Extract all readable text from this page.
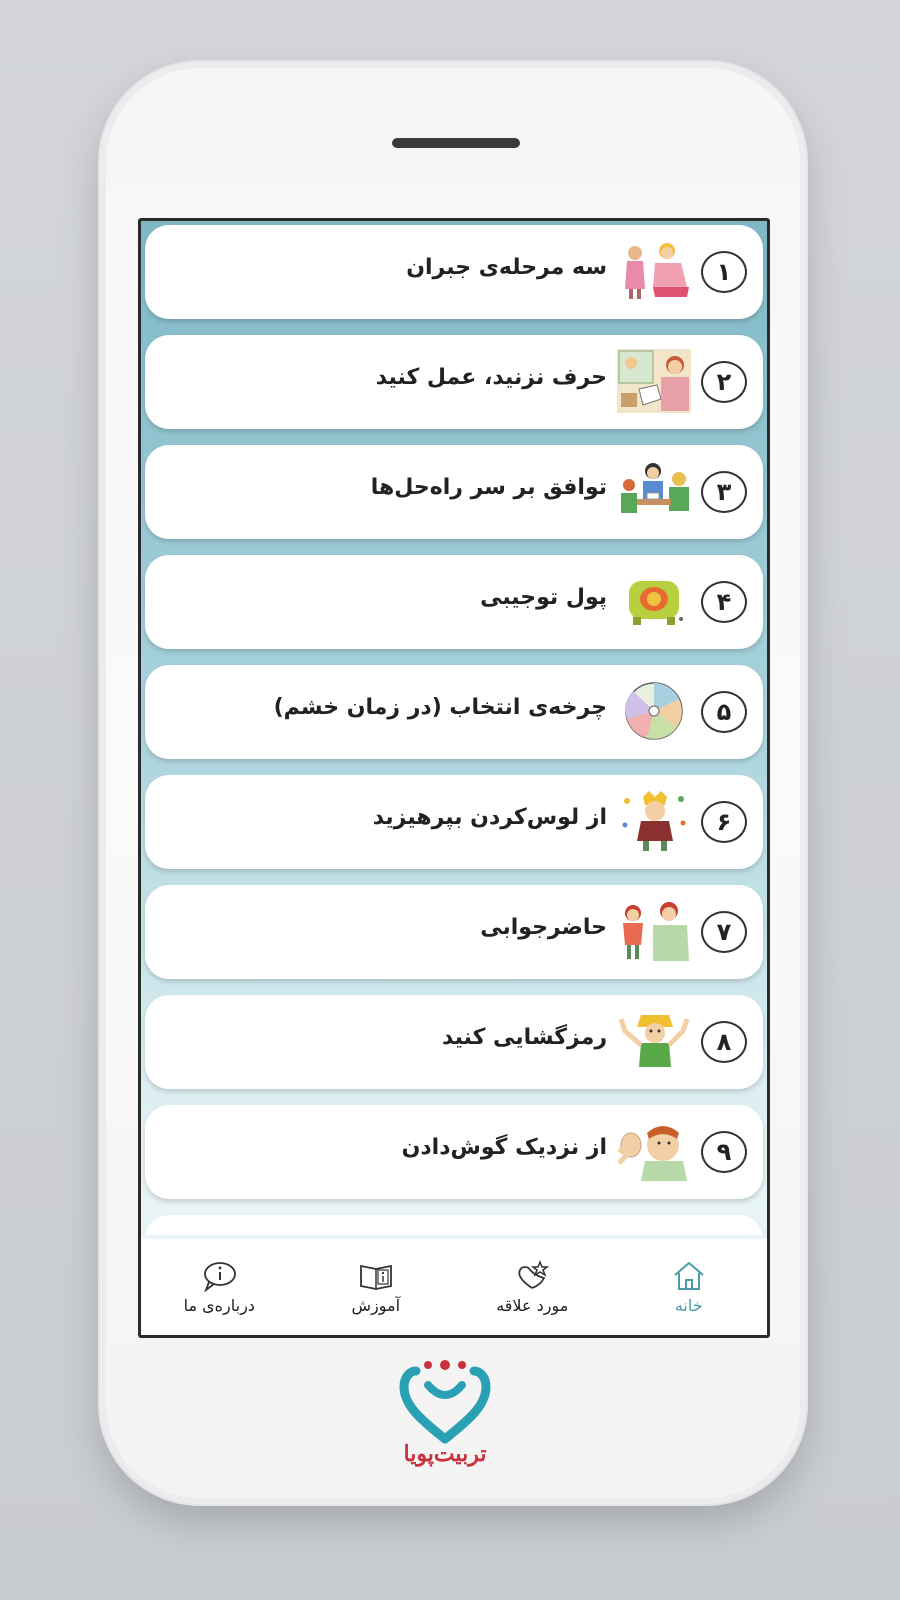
۱
سه مرحله‌ی جبران
۲
حرف نزنید، عمل کنید
۳
توافق بر سر راه‌حل‌ها
۴
پول توجیبی
۵
چرخه‌ی انتخاب (در زمان خشم)
۶
از لوس‌کردن بپرهیزید
۷
حاضرجوابی
۸
رمزگشایی کنید
۹
از نزدیک گوش‌دادن
خانه
مورد علاقه
آموزش
درباره‌ی ما
تربیت‌پویا
